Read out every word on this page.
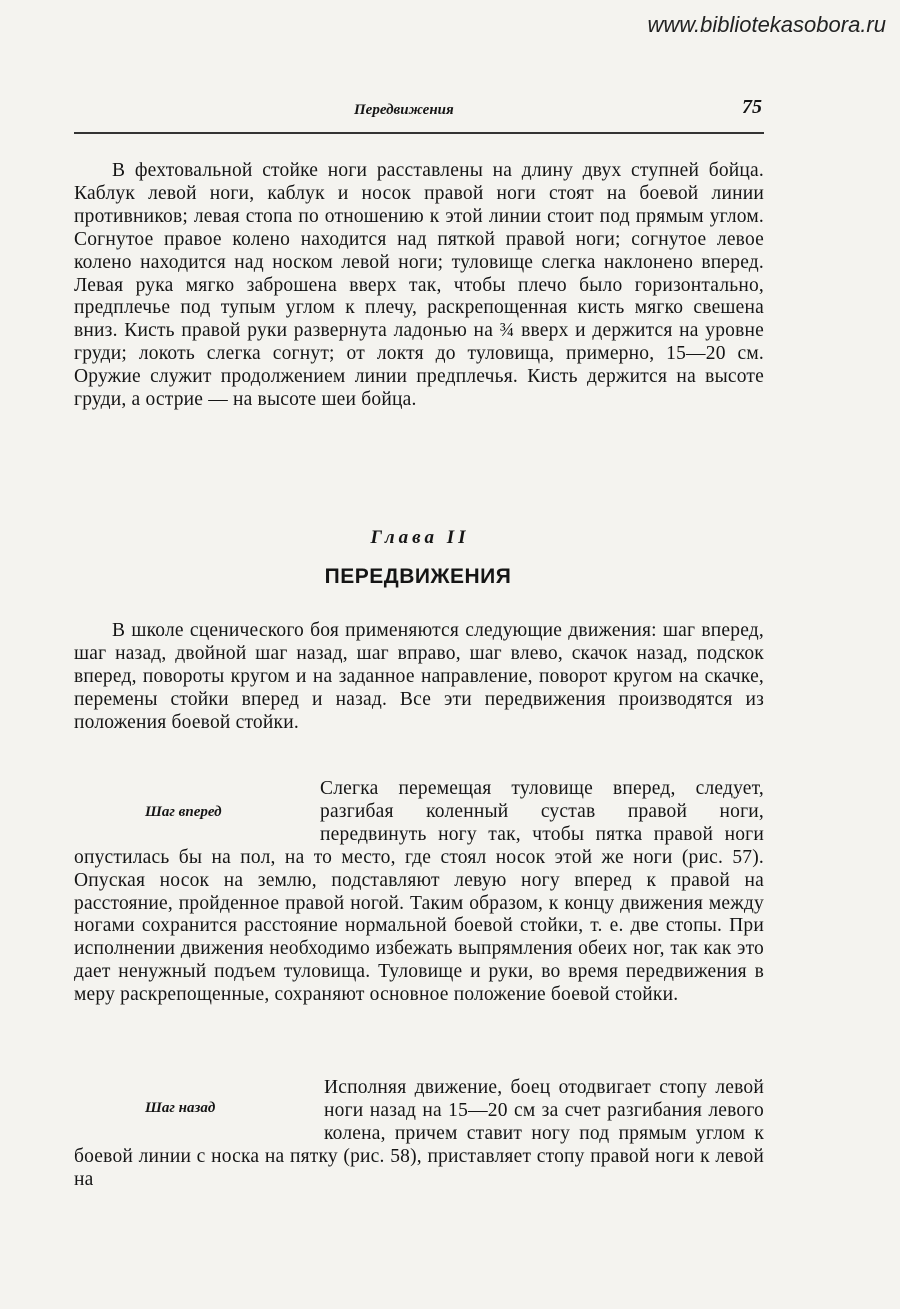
www.bibliotekasobora.ru
Передвижения	75

В фехтовальной стойке ноги расставлены на длину двух ступней бойца. Каблук левой ноги, каблук и носок правой ноги стоят на боевой линии противников; левая стопа по отношению к этой линии стоит под прямым углом. Согнутое правое колено находится над пяткой правой ноги; согнутое левое колено находится над носком левой ноги; туловище слегка наклонено вперед. Левая рука мягко заброшена вверх так, чтобы плечо было горизонтально, предплечье под тупым углом к плечу, раскрепощенная кисть мягко свешена вниз. Кисть правой руки развернута ладонью на ¾ вверх и держится на уровне груди; локоть слегка согнут; от локтя до туловища, примерно, 15—20 см. Оружие служит продолжением линии предплечья. Кисть держится на высоте груди, а острие — на высоте шеи бойца.

Глава II
ПЕРЕДВИЖЕНИЯ

В школе сценического боя применяются следующие движения: шаг вперед, шаг назад, двойной шаг назад, шаг вправо, шаг влево, скачок назад, подскок вперед, повороты кругом и на заданное направление, поворот кругом на скачке, перемены стойки вперед и назад. Все эти передвижения производятся из положения боевой стойки.

Шаг вперед
Слегка перемещая туловище вперед, следует, разгибая коленный сустав правой ноги, передвинуть ногу так, чтобы пятка правой ноги опустилась бы на пол, на то место, где стоял носок этой же ноги (рис. 57). Опуская носок на землю, подставляют левую ногу вперед к правой на расстояние, пройденное правой ногой. Таким образом, к концу движения между ногами сохранится расстояние нормальной боевой стойки, т. е. две стопы. При исполнении движения необходимо избежать выпрямления обеих ног, так как это дает ненужный подъем туловища. Туловище и руки, во время передвижения в меру раскрепощенные, сохраняют основное положение боевой стойки.
Шаг назад
Исполняя движение, боец отодвигает стопу левой ноги назад на 15—20 см за счет разгибания левого колена, причем ставит ногу под прямым углом к боевой линии с носка на пятку (рис. 58), приставляет стопу правой ноги к левой на
